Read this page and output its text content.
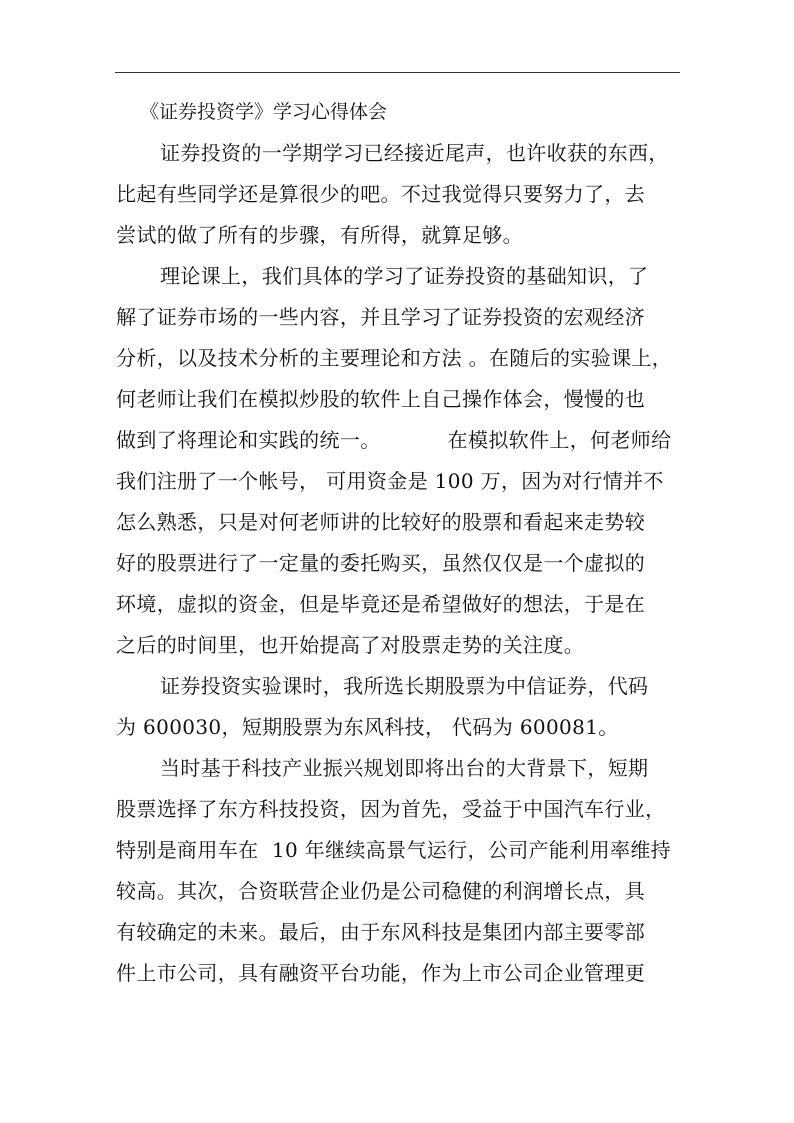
《证券投资学》学习心得体会
证券投资的一学期学习已经接近尾声，也许收获的东西，
比起有些同学还是算很少的吧。不过我觉得只要努力了，去
尝试的做了所有的步骤，有所得，就算足够。
理论课上，我们具体的学习了证券投资的基础知识，了
解了证券市场的一些内容，并且学习了证券投资的宏观经济
分析，以及技术分析的主要理论和方法 。在随后的实验课上，
何老师让我们在模拟炒股的软件上自己操作体会，慢慢的也
做到了将理论和实践的统一。          在模拟软件上，何老师给
我们注册了一个帐号， 可用资金是 100 万，因为对行情并不
怎么熟悉，只是对何老师讲的比较好的股票和看起来走势较
好的股票进行了一定量的委托购买，虽然仅仅是一个虚拟的
环境，虚拟的资金，但是毕竟还是希望做好的想法，于是在
之后的时间里，也开始提高了对股票走势的关注度。
证券投资实验课时，我所选长期股票为中信证券，代码
为 600030，短期股票为东风科技， 代码为 600081。
当时基于科技产业振兴规划即将出台的大背景下，短期
股票选择了东方科技投资，因为首先，受益于中国汽车行业，
特别是商用车在  10 年继续高景气运行，公司产能利用率维持
较高。其次，合资联营企业仍是公司稳健的利润增长点，具
有较确定的未来。最后，由于东风科技是集团内部主要零部
件上市公司，具有融资平台功能，作为上市公司企业管理更
